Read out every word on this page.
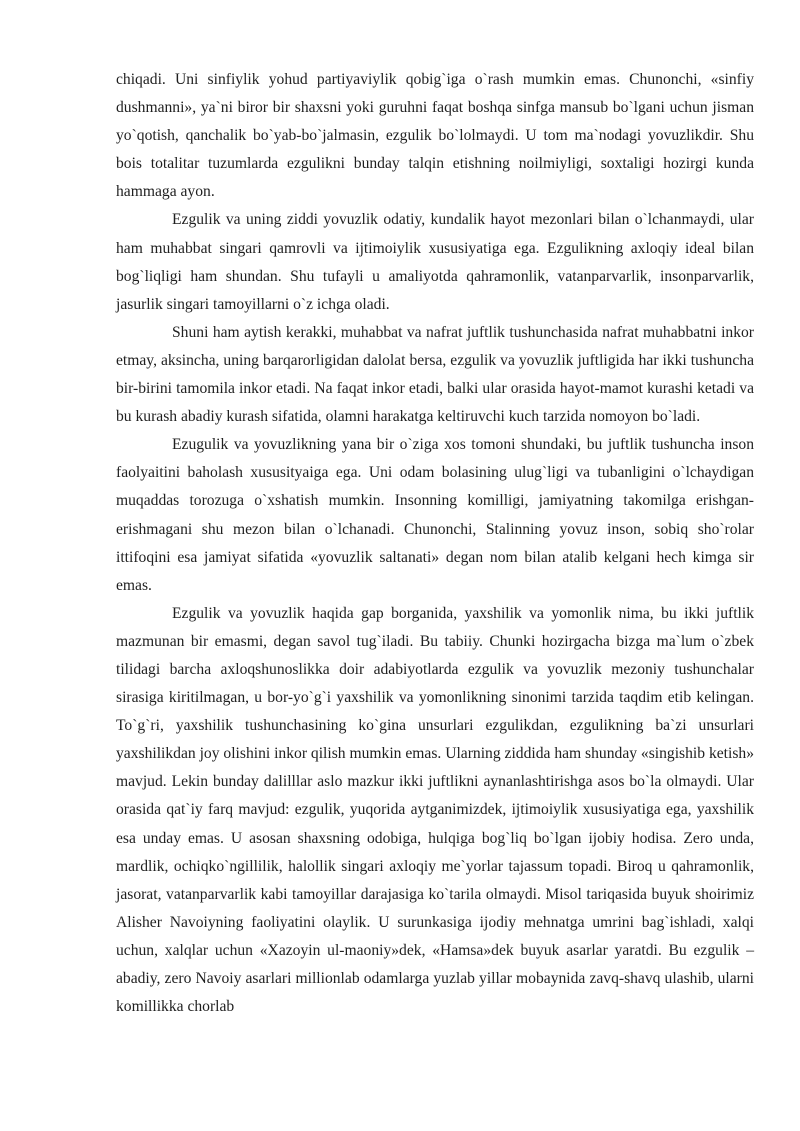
chiqadi. Uni sinfiylik yohud partiyaviylik qobig`iga o`rash mumkin emas. Chunonchi, «sinfiy dushmanni», ya`ni biror bir shaxsni yoki guruhni faqat boshqa sinfga mansub bo`lgani uchun jisman yo`qotish, qanchalik bo`yab-bo`jalmasin, ezgulik bo`lolmaydi. U tom ma`nodagi yovuzlikdir. Shu bois totalitar tuzumlarda ezgulikni bunday talqin etishning noilmiyligi, soxtaligi hozirgi kunda hammaga ayon.

Ezgulik va uning ziddi yovuzlik odatiy, kundalik hayot mezonlari bilan o`lchanmaydi, ular ham muhabbat singari qamrovli va ijtimoiylik xususiyatiga ega. Ezgulikning axloqiy ideal bilan bog`liqligi ham shundan. Shu tufayli u amaliyotda qahramonlik, vatanparvarlik, insonparvarlik, jasurlik singari tamoyillarni o`z ichga oladi.

Shuni ham aytish kerakki, muhabbat va nafrat juftlik tushunchasida nafrat muhabbatni inkor etmay, aksincha, uning barqarorligidan dalolat bersa, ezgulik va yovuzlik juftligida har ikki tushuncha bir-birini tamomila inkor etadi. Na faqat inkor etadi, balki ular orasida hayot-mamot kurashi ketadi va bu kurash abadiy kurash sifatida, olamni harakatga keltiruvchi kuch tarzida nomoyon bo`ladi.

Ezugulik va yovuzlikning yana bir o`ziga xos tomoni shundaki, bu juftlik tushuncha inson faolyaitini baholash xususityaiga ega. Uni odam bolasining ulug`ligi va tubanligini o`lchaydigan muqaddas torozuga o`xshatish mumkin. Insonning komilligi, jamiyatning takomilga erishgan-erishmagani shu mezon bilan o`lchanadi. Chunonchi, Stalinning yovuz inson, sobiq sho`rolar ittifoqini esa jamiyat sifatida «yovuzlik saltanati» degan nom bilan atalib kelgani hech kimga sir emas.

Ezgulik va yovuzlik haqida gap borganida, yaxshilik va yomonlik nima, bu ikki juftlik mazmunan bir emasmi, degan savol tug`iladi. Bu tabiiy. Chunki hozirgacha bizga ma`lum o`zbek tilidagi barcha axloqshunoslikka doir adabiyotlarda ezgulik va yovuzlik mezoniy tushunchalar sirasiga kiritilmagan, u bor-yo`g`i yaxshilik va yomonlikning sinonimi tarzida taqdim etib kelingan. To`g`ri, yaxshilik tushunchasining ko`gina unsurlari ezgulikdan, ezgulikning ba`zi unsurlari yaxshilikdan joy olishini inkor qilish mumkin emas. Ularning ziddida ham shunday «singishib ketish» mavjud. Lekin bunday dalilllar aslo mazkur ikki juftlikni aynanlashtirishga asos bo`la olmaydi. Ular orasida qat`iy farq mavjud: ezgulik, yuqorida aytganimizdek, ijtimoiylik xususiyatiga ega, yaxshilik esa unday emas. U asosan shaxsning odobiga, hulqiga bog`liq bo`lgan ijobiy hodisa. Zero unda, mardlik, ochiqko`ngillilik, halollik singari axloqiy me`yorlar tajassum topadi. Biroq u qahramonlik, jasorat, vatanparvarlik kabi tamoyillar darajasiga ko`tarila olmaydi. Misol tariqasida buyuk shoirimiz Alisher Navoiyning faoliyatini olaylik. U surunkasiga ijodiy mehnatga umrini bag`ishladi, xalqi uchun, xalqlar uchun «Xazoyin ul-maoniy»dek, «Hamsa»dek buyuk asarlar yaratdi. Bu ezgulik – abadiy, zero Navoiy asarlari millionlab odamlarga yuzlab yillar mobaynida zavq-shavq ulashib, ularni komillikka chorlab
